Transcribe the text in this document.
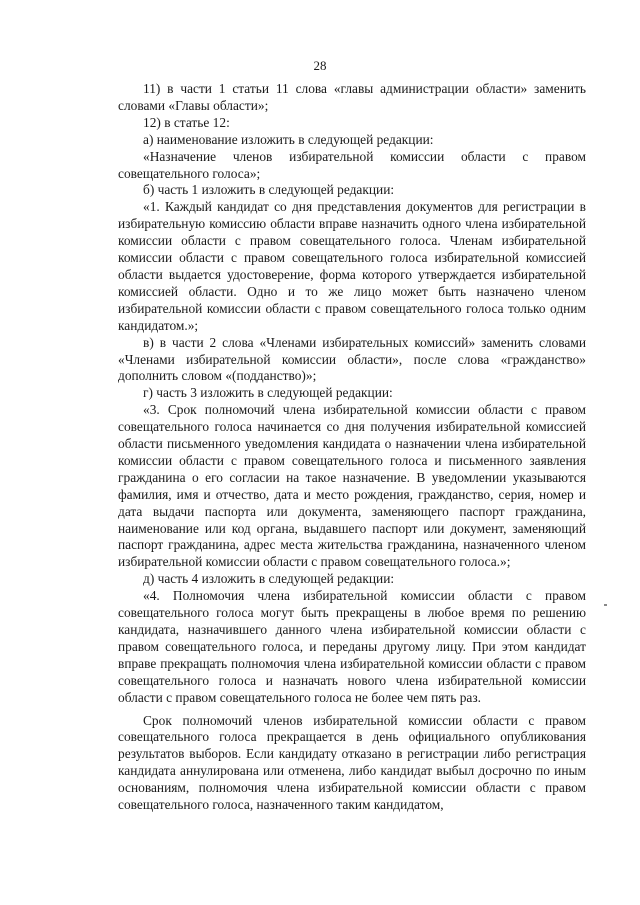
28

11) в части 1 статьи 11 слова «главы администрации области» заменить словами «Главы области»;

12) в статье 12:

а) наименование изложить в следующей редакции:

«Назначение членов избирательной комиссии области с правом совещательного голоса»;

б) часть 1 изложить в следующей редакции:

«1. Каждый кандидат со дня представления документов для регистрации в избирательную комиссию области вправе назначить одного члена избирательной комиссии области с правом совещательного голоса. Членам избирательной комиссии области с правом совещательного голоса избирательной комиссией области выдается удостоверение, форма которого утверждается избирательной комиссией области. Одно и то же лицо может быть назначено членом избирательной комиссии области с правом совещательного голоса только одним кандидатом.»;

в) в части 2 слова «Членами избирательных комиссий» заменить словами «Членами избирательной комиссии области», после слова «гражданство» дополнить словом «(подданство)»;

г) часть 3 изложить в следующей редакции:

«3. Срок полномочий члена избирательной комиссии области с правом совещательного голоса начинается со дня получения избирательной комиссией области письменного уведомления кандидата о назначении члена избирательной комиссии области с правом совещательного голоса и письменного заявления гражданина о его согласии на такое назначение. В уведомлении указываются фамилия, имя и отчество, дата и место рождения, гражданство, серия, номер и дата выдачи паспорта или документа, заменяющего паспорт гражданина, наименование или код органа, выдавшего паспорт или документ, заменяющий паспорт гражданина, адрес места жительства гражданина, назначенного членом избирательной комиссии области с правом совещательного голоса.»;

д) часть 4 изложить в следующей редакции:

«4. Полномочия члена избирательной комиссии области с правом совещательного голоса могут быть прекращены в любое время по решению кандидата, назначившего данного члена избирательной комиссии области с правом совещательного голоса, и переданы другому лицу. При этом кандидат вправе прекращать полномочия члена избирательной комиссии области с правом совещательного голоса и назначать нового члена избирательной комиссии области с правом совещательного голоса не более чем пять раз.

Срок полномочий членов избирательной комиссии области с правом совещательного голоса прекращается в день официального опубликования результатов выборов. Если кандидату отказано в регистрации либо регистрация кандидата аннулирована или отменена, либо кандидат выбыл досрочно по иным основаниям, полномочия члена избирательной комиссии области с правом совещательного голоса, назначенного таким кандидатом,
